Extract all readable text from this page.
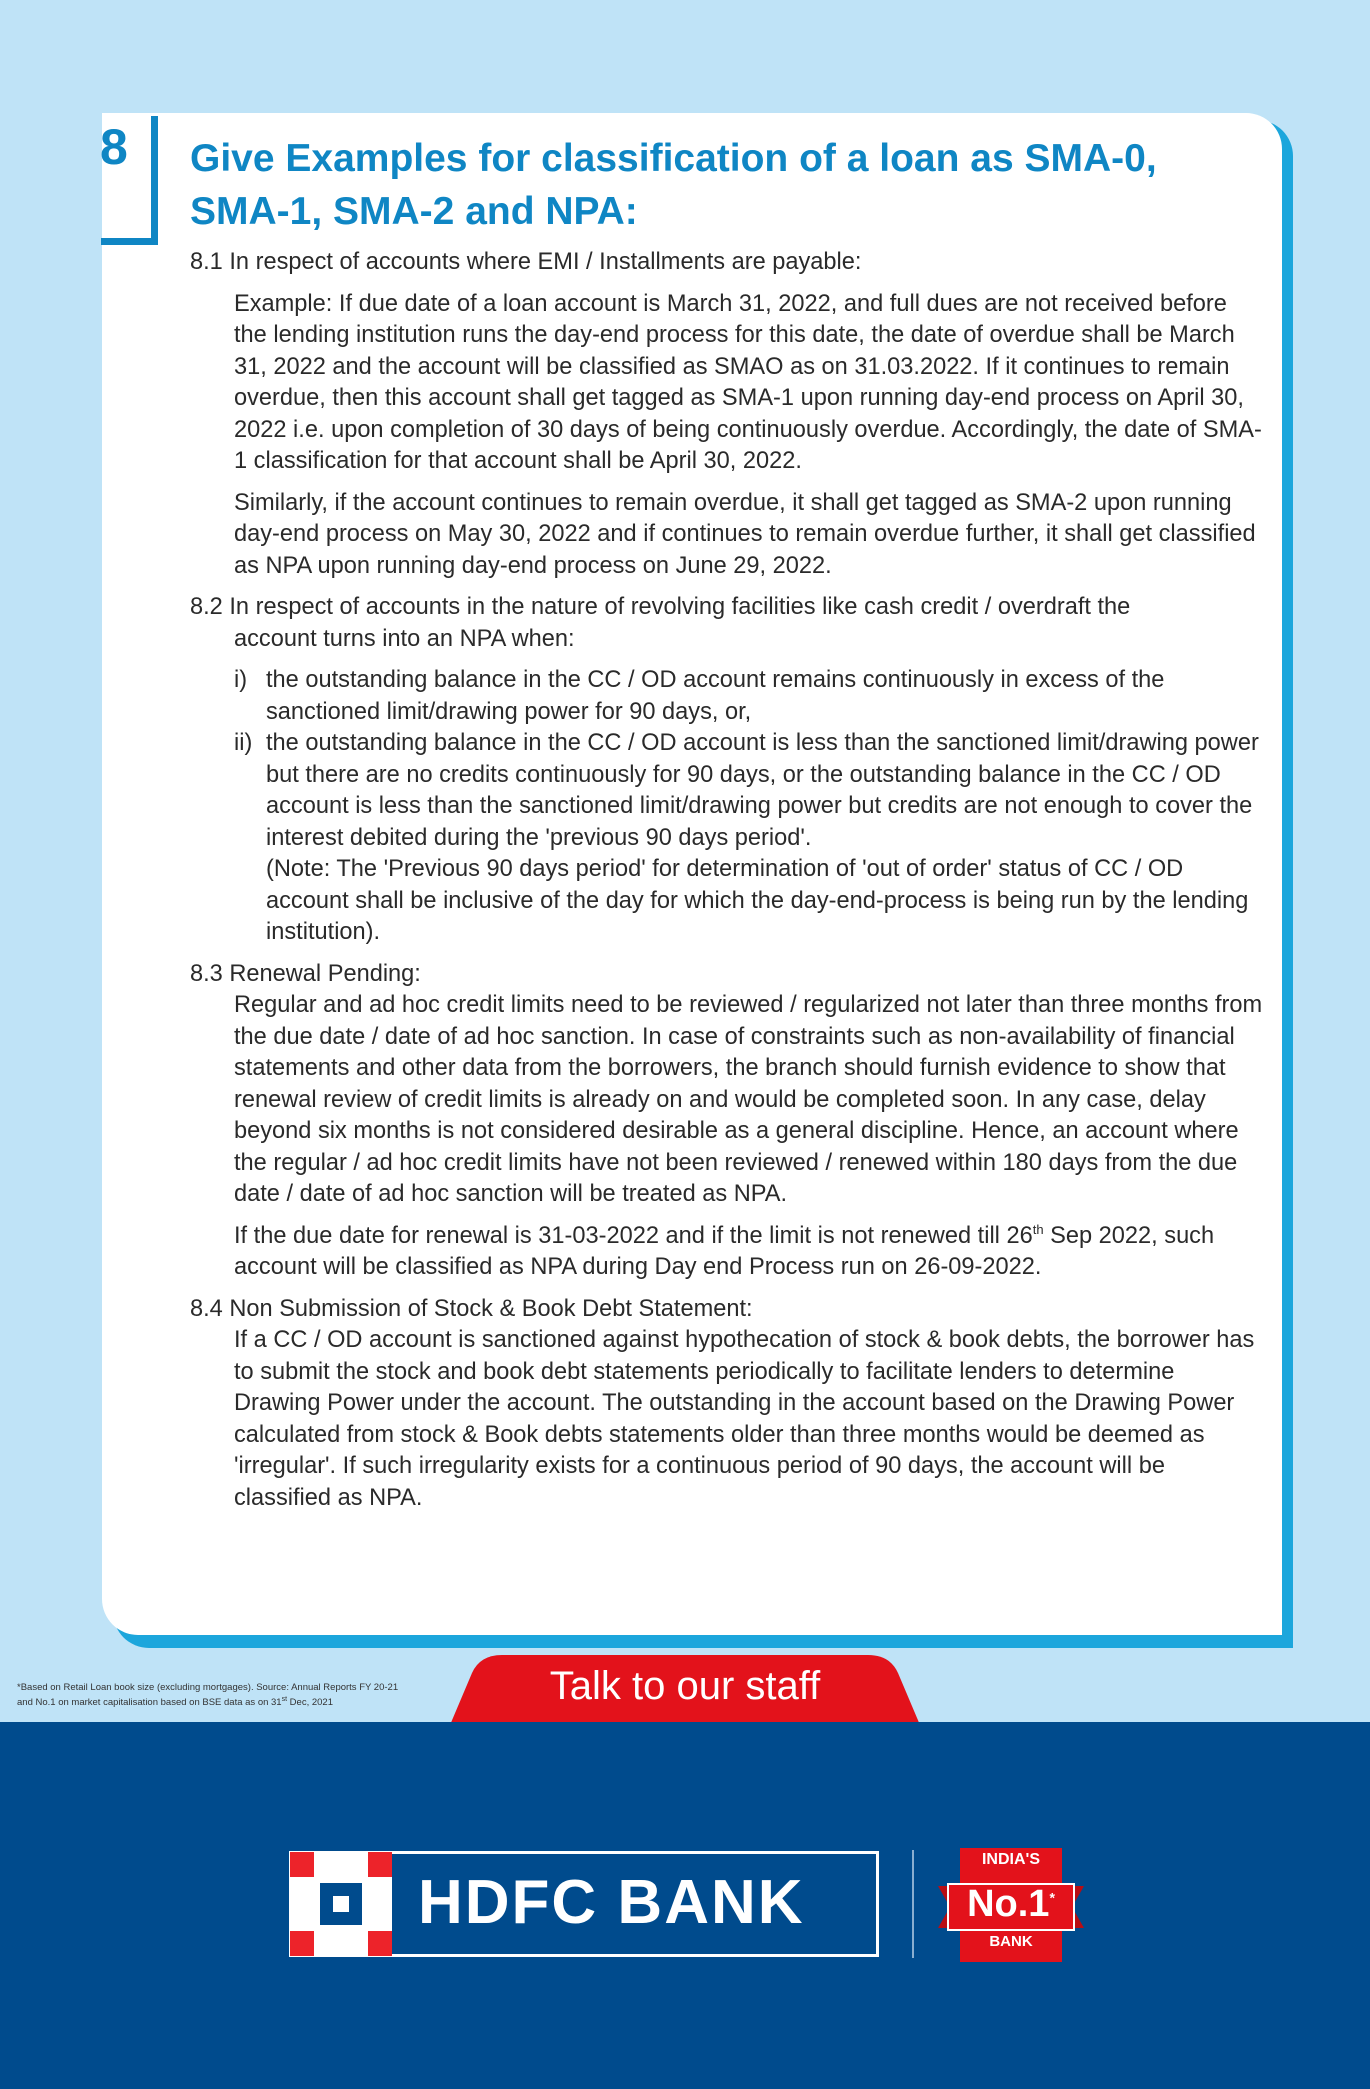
8 Give Examples for classification of a loan as SMA-0, SMA-1, SMA-2 and NPA:

8.1 In respect of accounts where EMI / Installments are payable:

Example: If due date of a loan account is March 31, 2022, and full dues are not received before the lending institution runs the day-end process for this date, the date of overdue shall be March 31, 2022 and the account will be classified as SMAO as on 31.03.2022. If it continues to remain overdue, then this account shall get tagged as SMA-1 upon running day-end process on April 30, 2022 i.e. upon completion of 30 days of being continuously overdue. Accordingly, the date of SMA-1 classification for that account shall be April 30, 2022.

Similarly, if the account continues to remain overdue, it shall get tagged as SMA-2 upon running day-end process on May 30, 2022 and if continues to remain overdue further, it shall get classified as NPA upon running day-end process on June 29, 2022.

8.2 In respect of accounts in the nature of revolving facilities like cash credit / overdraft the

account turns into an NPA when:

i) the outstanding balance in the CC / OD account remains continuously in excess of the sanctioned limit/drawing power for 90 days, or,
ii) the outstanding balance in the CC / OD account is less than the sanctioned limit/drawing power but there are no credits continuously for 90 days, or the outstanding balance in the CC / OD account is less than the sanctioned limit/drawing power but credits are not enough to cover the interest debited during the 'previous 90 days period'.

(Note: The 'Previous 90 days period' for determination of 'out of order' status of CC / OD account shall be inclusive of the day for which the day-end-process is being run by the lending institution).

8.3 Renewal Pending:

Regular and ad hoc credit limits need to be reviewed / regularized not later than three months from the due date / date of ad hoc sanction. In case of constraints such as non-availability of financial statements and other data from the borrowers, the branch should furnish evidence to show that renewal review of credit limits is already on and would be completed soon. In any case, delay beyond six months is not considered desirable as a general discipline. Hence, an account where the regular / ad hoc credit limits have not been reviewed / renewed within 180 days from the due date / date of ad hoc sanction will be treated as NPA.

If the due date for renewal is 31-03-2022 and if the limit is not renewed till 26th Sep 2022, such account will be classified as NPA during Day end Process run on 26-09-2022.

8.4 Non Submission of Stock & Book Debt Statement:

If a CC / OD account is sanctioned against hypothecation of stock & book debts, the borrower has to submit the stock and book debt statements periodically to facilitate lenders to determine Drawing Power under the account. The outstanding in the account based on the Drawing Power calculated from stock & Book debts statements older than three months would be deemed as 'irregular'. If such irregularity exists for a continuous period of 90 days, the account will be classified as NPA.

*Based on Retail Loan book size (excluding mortgages). Source: Annual Reports FY 20-21

and No.1 on market capitalisation based on BSE data as on 31st Dec, 2021	Talk to our staff
HDFC BANK
INDIA'S
No.1*
BANK
